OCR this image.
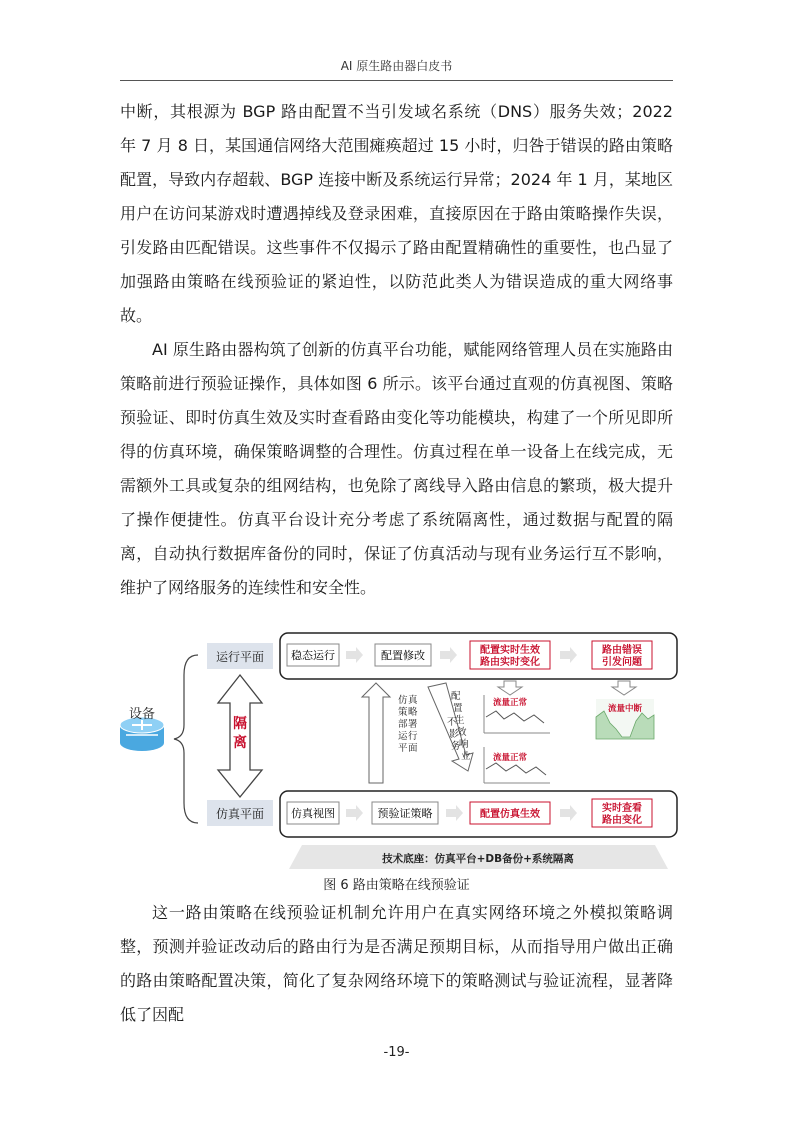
AI 原生路由器白皮书

中断，其根源为 BGP 路由配置不当引发域名系统（DNS）服务失效；2022 年 7 月 8 日，某国通信网络大范围瘫痪超过 15 小时，归咎于错误的路由策略配置，导致内存超载、BGP 连接中断及系统运行异常；2024 年 1 月，某地区用户在访问某游戏时遭遇掉线及登录困难，直接原因在于路由策略操作失误，引发路由匹配错误。这些事件不仅揭示了路由配置精确性的重要性，也凸显了加强路由策略在线预验证的紧迫性，以防范此类人为错误造成的重大网络事故。

AI 原生路由器构筑了创新的仿真平台功能，赋能网络管理人员在实施路由策略前进行预验证操作，具体如图 6 所示。该平台通过直观的仿真视图、策略预验证、即时仿真生效及实时查看路由变化等功能模块，构建了一个所见即所得的仿真环境，确保策略调整的合理性。仿真过程在单一设备上在线完成，无需额外工具或复杂的组网结构，也免除了离线导入路由信息的繁琐，极大提升了操作便捷性。仿真平台设计充分考虑了系统隔离性，通过数据与配置的隔离，自动执行数据库备份的同时，保证了仿真活动与现有业务运行互不影响，维护了网络服务的连续性和安全性。

设备
运行平面
仿真平面
隔
离
稳态运行	配置修改	配置实时生效
路由实时变化
路由错误
引发问题
仿真视图	预验证策略	配置仿真生效
实时查看
路由变化
仿 真
策 略
部 署
运 行
平 面
配
置
生
效
不
影
响
业
务
流量正常
流量正常
流量中断
技术底座：仿真平台+DB备份+系统隔离
图 6 路由策略在线预验证

这一路由策略在线预验证机制允许用户在真实网络环境之外模拟策略调整，预测并验证改动后的路由行为是否满足预期目标，从而指导用户做出正确的路由策略配置决策，简化了复杂网络环境下的策略测试与验证流程，显著降低了因配

-19-
